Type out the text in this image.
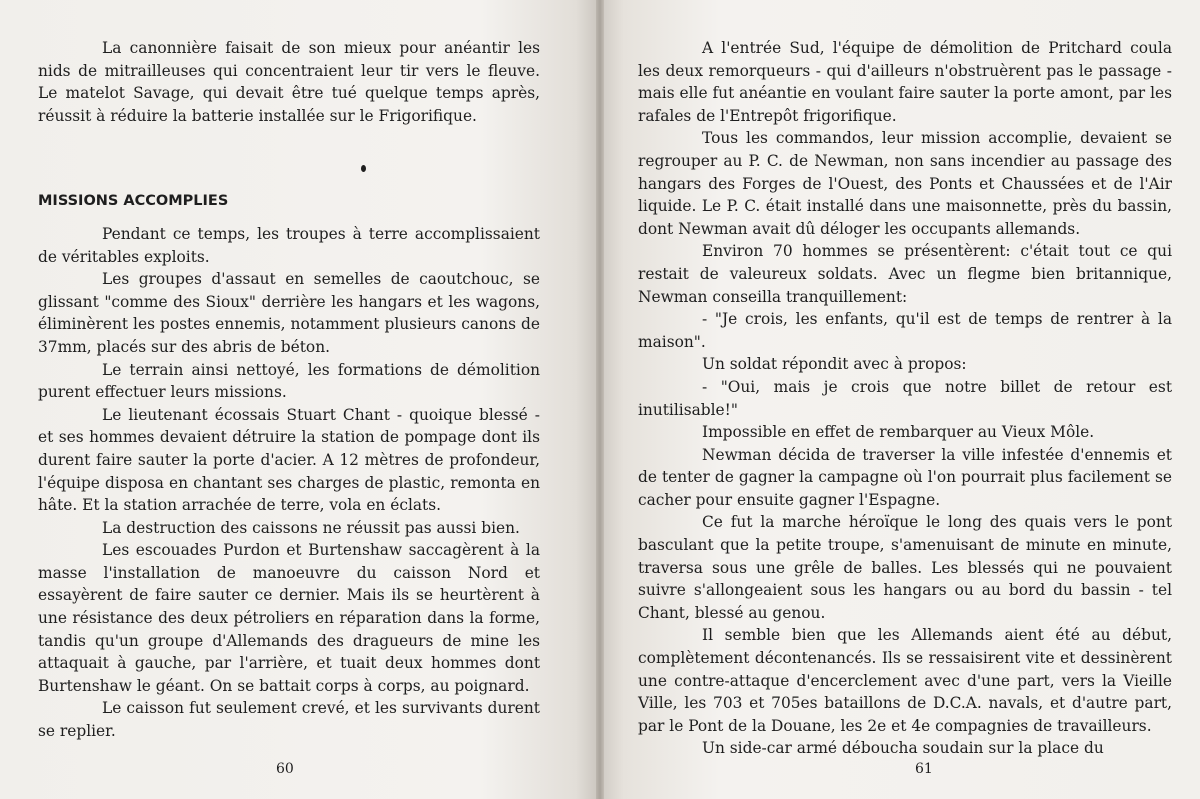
La canonnière faisait de son mieux pour anéantir les nids de mitrailleuses qui concentraient leur tir vers le fleuve. Le matelot Savage, qui devait être tué quelque temps après, réussit à réduire la batterie installée sur le Frigorifique.

MISSIONS ACCOMPLIES

Pendant ce temps, les troupes à terre accomplissaient de véritables exploits.

Les groupes d'assaut en semelles de caoutchouc, se glissant "comme des Sioux" derrière les hangars et les wagons, éliminèrent les postes ennemis, notamment plusieurs canons de 37mm, placés sur des abris de béton.

Le terrain ainsi nettoyé, les formations de démolition purent effectuer leurs missions.

Le lieutenant écossais Stuart Chant - quoique blessé - et ses hommes devaient détruire la station de pompage dont ils durent faire sauter la porte d'acier. A 12 mètres de profondeur, l'équipe disposa en chantant ses charges de plastic, remonta en hâte. Et la station arrachée de terre, vola en éclats.

La destruction des caissons ne réussit pas aussi bien.

Les escouades Purdon et Burtenshaw saccagèrent à la masse l'installation de manoeuvre du caisson Nord et essayèrent de faire sauter ce dernier. Mais ils se heurtèrent à une résistance des deux pétroliers en réparation dans la forme, tandis qu'un groupe d'Allemands des dragueurs de mine les attaquait à gauche, par l'arrière, et tuait deux hommes dont Burtenshaw le géant. On se battait corps à corps, au poignard.

Le caisson fut seulement crevé, et les survivants durent se replier.

60

A l'entrée Sud, l'équipe de démolition de Pritchard coula les deux remorqueurs - qui d'ailleurs n'obstruèrent pas le passage - mais elle fut anéantie en voulant faire sauter la porte amont, par les rafales de l'Entrepôt frigorifique.

Tous les commandos, leur mission accomplie, devaient se regrouper au P. C. de Newman, non sans incendier au passage des hangars des Forges de l'Ouest, des Ponts et Chaussées et de l'Air liquide. Le P. C. était installé dans une maisonnette, près du bassin, dont Newman avait dû déloger les occupants allemands.

Environ 70 hommes se présentèrent: c'était tout ce qui restait de valeureux soldats. Avec un flegme bien britannique, Newman conseilla tranquillement:

- "Je crois, les enfants, qu'il est de temps de rentrer à la maison".

Un soldat répondit avec à propos:

- "Oui, mais je crois que notre billet de retour est inutilisable!"

Impossible en effet de rembarquer au Vieux Môle.

Newman décida de traverser la ville infestée d'ennemis et de tenter de gagner la campagne où l'on pourrait plus facilement se cacher pour ensuite gagner l'Espagne.

Ce fut la marche héroïque le long des quais vers le pont basculant que la petite troupe, s'amenuisant de minute en minute, traversa sous une grêle de balles. Les blessés qui ne pouvaient suivre s'allongeaient sous les hangars ou au bord du bassin - tel Chant, blessé au genou.

Il semble bien que les Allemands aient été au début, complètement décontenancés. Ils se ressaisirent vite et dessinèrent une contre-attaque d'encerclement avec d'une part, vers la Vieille Ville, les 703 et 705es bataillons de D.C.A. navals, et d'autre part, par le Pont de la Douane, les 2e et 4e compagnies de travailleurs.

Un side-car armé déboucha soudain sur la place du

61
